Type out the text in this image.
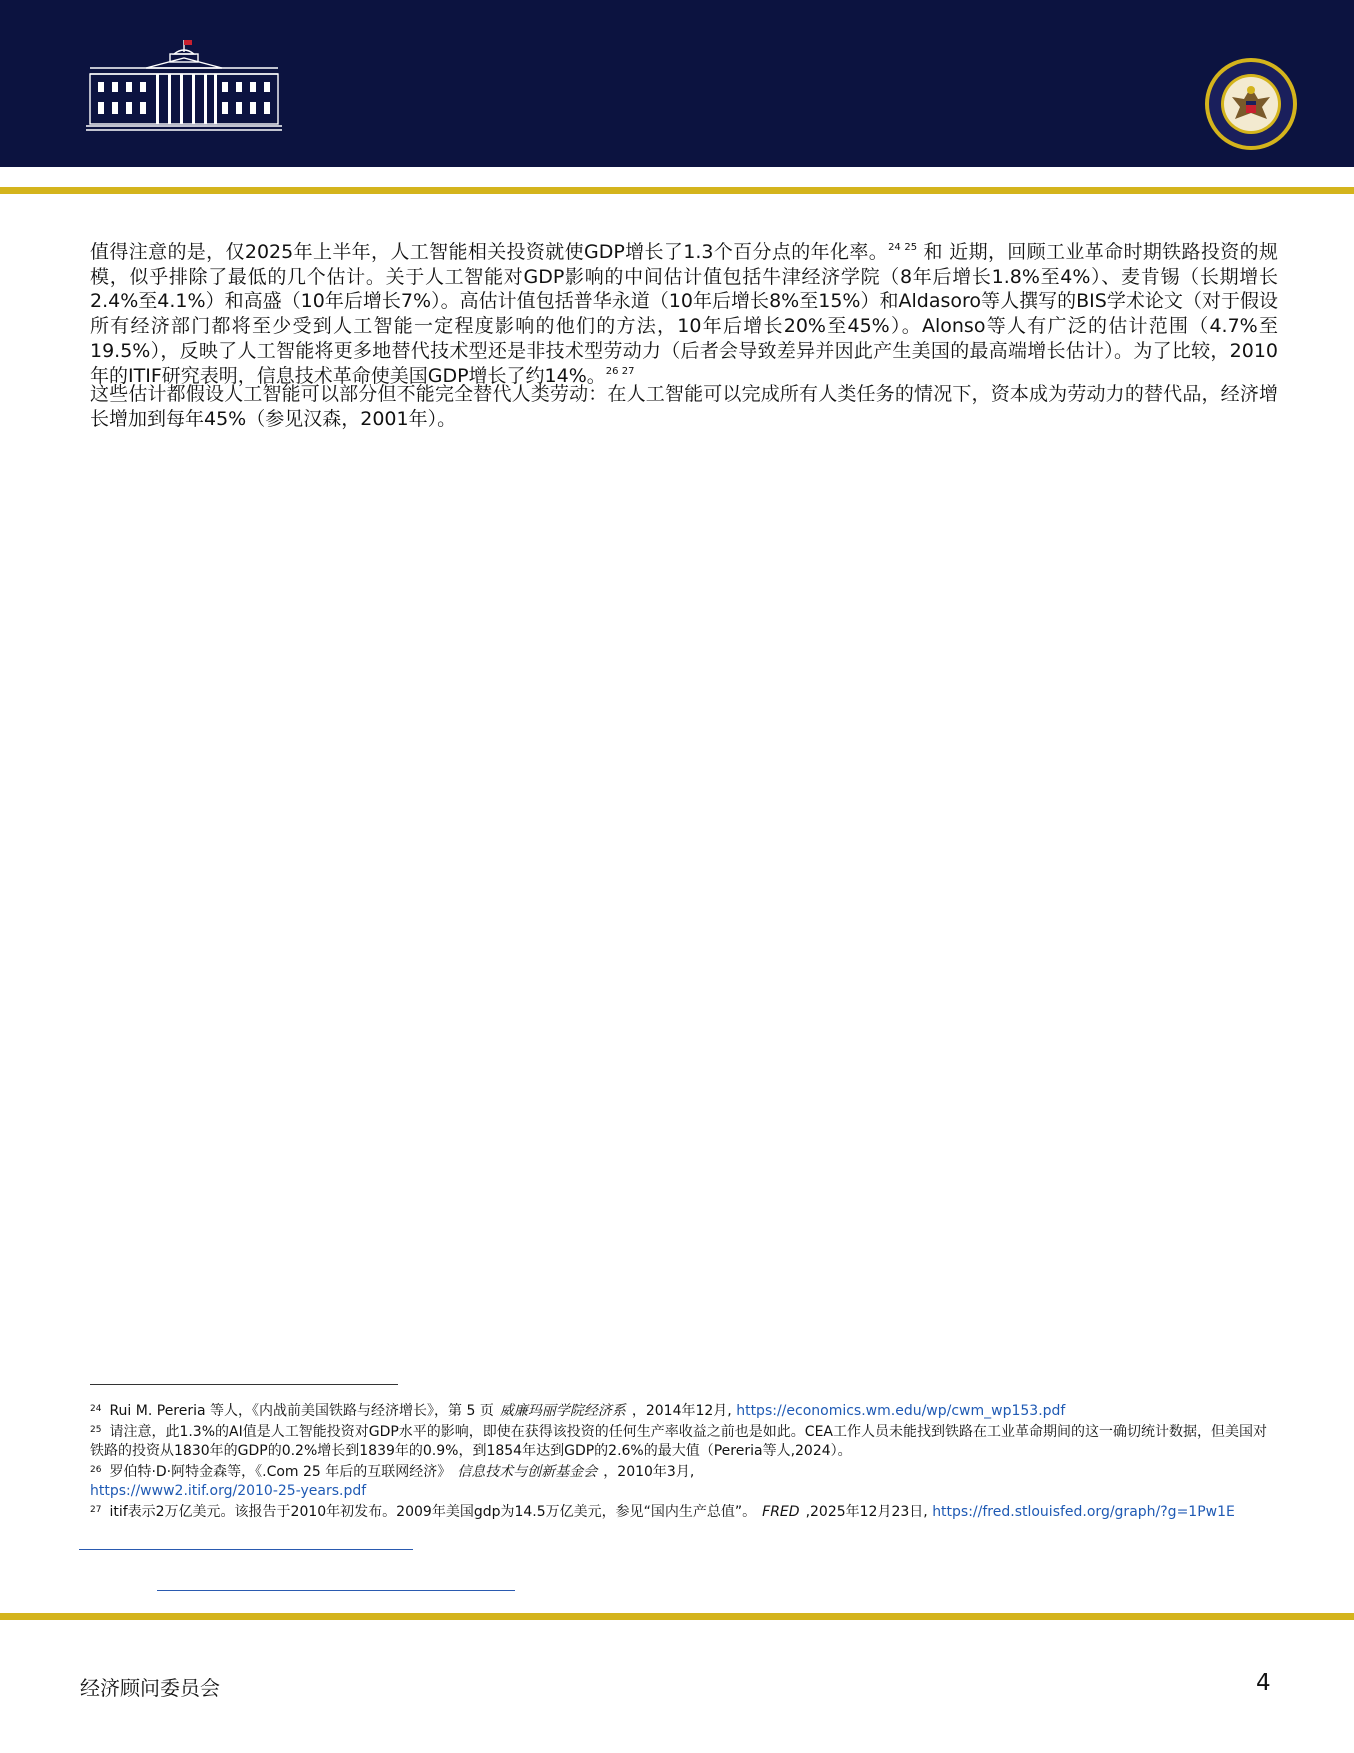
值得注意的是，仅2025年上半年，人工智能相关投资就使GDP增长了1.3个百分点的年化率。$^{24 25}$ 和 近期，回顾工业革命时期铁路投资的规模，似乎排除了最低的几个估计。关于人工智能对GDP影响的中间估计值包括牛津经济学院（8年后增长1.8%至4%）、麦肯锡（长期增长2.4%至4.1%）和高盛（10年后增长7%）。高估计值包括普华永道（10年后增长8%至15%）和Aldasoro等人撰写的BIS学术论文（对于假设所有经济部门都将至少受到人工智能一定程度影响的他们的方法，10年后增长20%至45%）。Alonso等人有广泛的估计范围（4.7%至19.5%），反映了人工智能将更多地替代技术型还是非技术型劳动力（后者会导致差异并因此产生美国的最高端增长估计）。为了比较，2010年的ITIF研究表明，信息技术革命使美国GDP增长了约14%。$^{26 27}$

这些估计都假设人工智能可以部分但不能完全替代人类劳动：在人工智能可以完成所有人类任务的情况下，资本成为劳动力的替代品，经济增长增加到每年45%（参见汉森，2001年）。

$^{24}$ Rui M. Pereria 等人，《内战前美国铁路与经济增长》，第 5 页 威廉玛丽学院经济系 ，2014年12月, https://economics.wm.edu/wp/cwm_wp153.pdf

$^{25}$ 请注意，此1.3%的AI值是人工智能投资对GDP水平的影响，即使在获得该投资的任何生产率收益之前也是如此。CEA工作人员未能找到铁路在工业革命期间的这一确切统计数据，但美国对铁路的投资从1830年的GDP的0.2%增长到1839年的0.9%，到1854年达到GDP的2.6%的最大值（Pereria等人,2024）。

$^{26}$ 罗伯特·D·阿特金森等，《.Com 25 年后的互联网经济》 信息技术与创新基金会 ，2010年3月,
https://www2.itif.org/2010-25-years.pdf

$^{27}$ itif表示2万亿美元。该报告于2010年初发布。2009年美国gdp为14.5万亿美元，参见“国内生产总值”。 FRED ,2025年12月23日, https://fred.stlouisfed.org/graph/?g=1Pw1E

经济顾问委员会	4
